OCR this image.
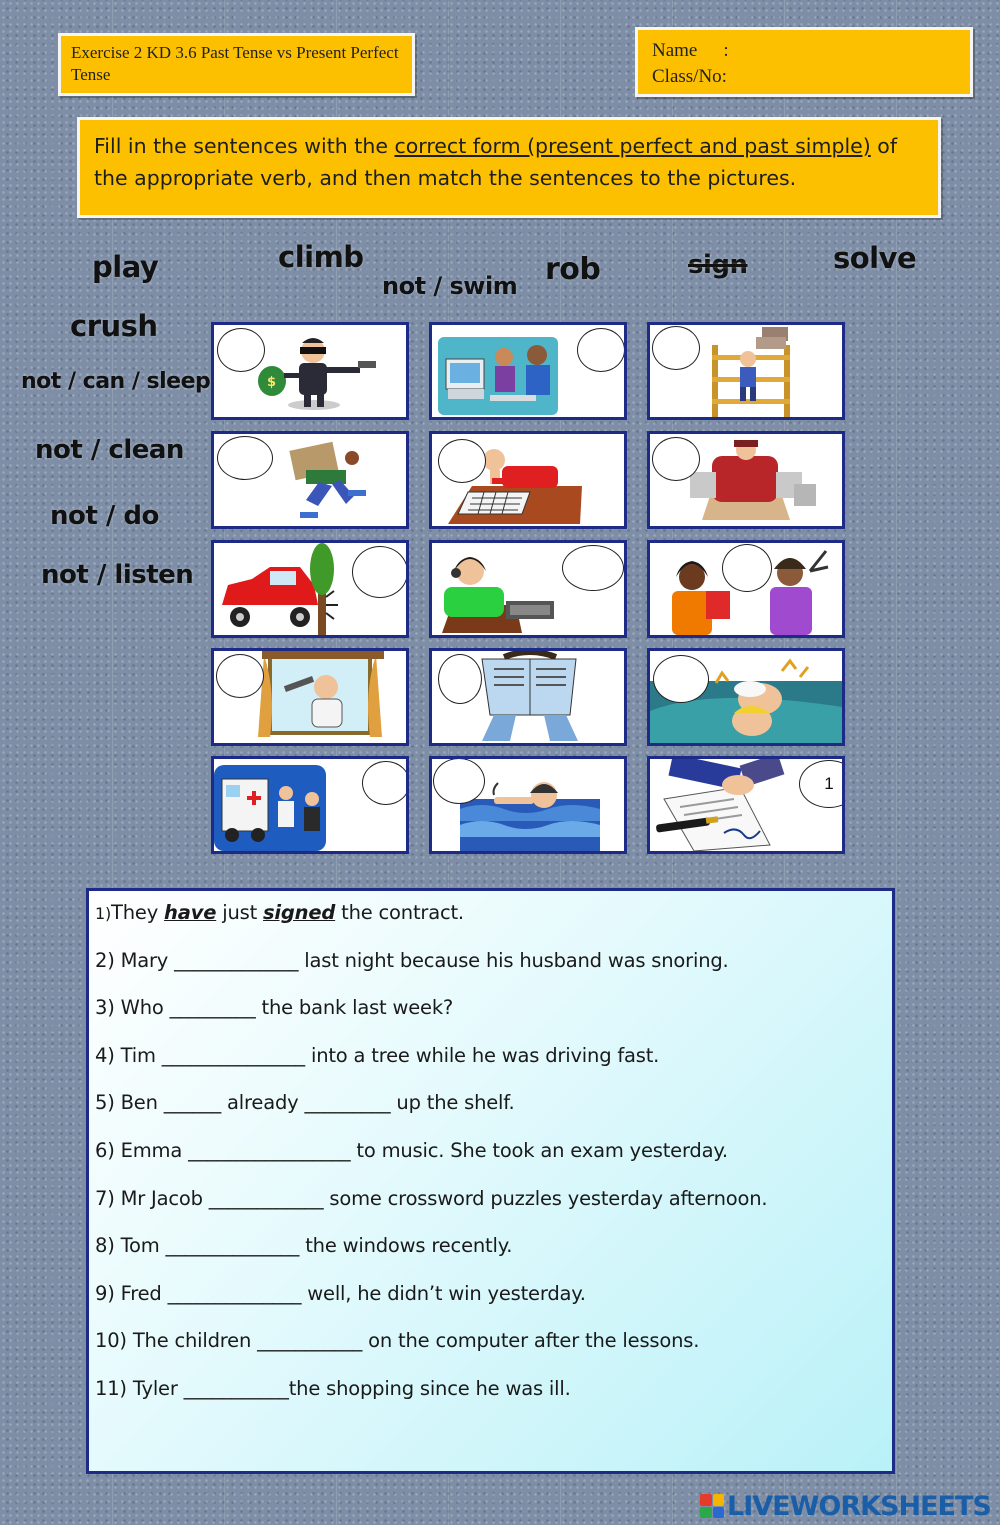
Exercise 2 KD 3.6 Past Tense vs Present Perfect Tense
Name :
Class/No:

Fill in the sentences with the correct form (present perfect and past simple) of the appropriate verb, and then match the sentences to the pictures.

play	climb
not / swim rob	sign	solve
crush
not / can / sleep
not / clean
not / do
not / listen
$
1
1)They have just signed the contract.
2) Mary _____________ last night because his husband was snoring.
3) Who _________ the bank last week?
4) Tim _______________ into a tree while he was driving fast.
5) Ben ______ already _________ up the shelf.
6) Emma _________________ to music. She took an exam yesterday.
7) Mr Jacob ____________ some crossword puzzles yesterday afternoon.
8) Tom ______________ the windows recently.
9) Fred ______________ well, he didn’t win yesterday.
10) The children ___________ on the computer after the lessons.
11) Tyler ___________the shopping since he was ill.
LIVEWORKSHEETS
